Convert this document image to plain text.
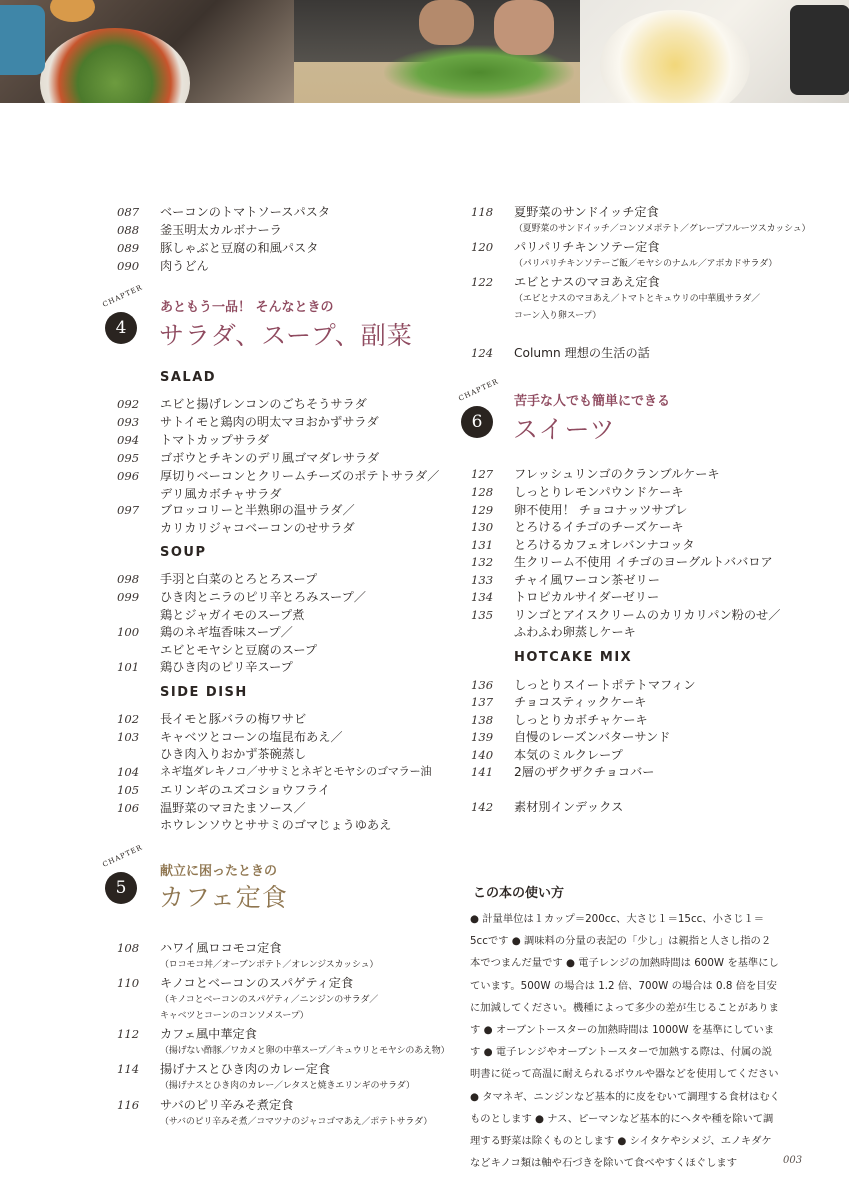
087	ベーコンのトマトソースパスタ
088	釜玉明太カルボナーラ
089	豚しゃぶと豆腐の和風パスタ
090	肉うどん
CHAPTER
4
あともう一品！ そんなときの
サラダ、スープ、副菜
SALAD
092	エビと揚げレンコンのごちそうサラダ
093	サトイモと鶏肉の明太マヨおかずサラダ
094	トマトカップサラダ
095	ゴボウとチキンのデリ風ゴマダレサラダ
096	厚切りベーコンとクリームチーズのポテトサラダ／
デリ風カボチャサラダ
097	ブロッコリーと半熟卵の温サラダ／
カリカリジャコベーコンのせサラダ
SOUP
098	手羽と白菜のとろとろスープ
099	ひき肉とニラのピリ辛とろみスープ／
鶏とジャガイモのスープ煮
100	鶏のネギ塩香味スープ／
エビとモヤシと豆腐のスープ
101	鶏ひき肉のピリ辛スープ
SIDE DISH
102	長イモと豚バラの梅ワサビ
103	キャベツとコーンの塩昆布あえ／
ひき肉入りおかず茶碗蒸し
104	ネギ塩ダレキノコ／ササミとネギとモヤシのゴマラー油
105	エリンギのユズコショウフライ
106	温野菜のマヨたまソース／
ホウレンソウとササミのゴマじょうゆあえ
CHAPTER
5
献立に困ったときの
カフェ定食
108	ハワイ風ロコモコ定食
（ロコモコ丼／オーブンポテト／オレンジスカッシュ）
110	キノコとベーコンのスパゲティ定食
（キノコとベーコンのスパゲティ／ニンジンのサラダ／
キャベツとコーンのコンソメスープ）
112	カフェ風中華定食
（揚げない酢豚／ワカメと卵の中華スープ／キュウリとモヤシのあえ物）
114	揚げナスとひき肉のカレー定食
（揚げナスとひき肉のカレー／レタスと焼きエリンギのサラダ）
116	サバのピリ辛みそ煮定食
（サバのピリ辛みそ煮／コマツナのジャコゴマあえ／ポテトサラダ）
118	夏野菜のサンドイッチ定食
（夏野菜のサンドイッチ／コンソメポテト／グレープフルーツスカッシュ）
120	パリパリチキンソテー定食
（パリパリチキンソテーご飯／モヤシのナムル／アボカドサラダ）
122	エビとナスのマヨあえ定食
（エビとナスのマヨあえ／トマトとキュウリの中華風サラダ／
コーン入り卵スープ）
124	Column 理想の生活の話
CHAPTER
6
苦手な人でも簡単にできる
スイーツ
127	フレッシュリンゴのクランブルケーキ
128	しっとりレモンパウンドケーキ
129	卵不使用！ チョコナッツサブレ
130	とろけるイチゴのチーズケーキ
131	とろけるカフェオレバンナコッタ
132	生クリーム不使用 イチゴのヨーグルトババロア
133	チャイ風ワーコン茶ゼリー
134	トロピカルサイダーゼリー
135	リンゴとアイスクリームのカリカリパン粉のせ／
ふわふわ卵蒸しケーキ
HOTCAKE MIX
136	しっとりスイートポテトマフィン
137	チョコスティックケーキ
138	しっとりカボチャケーキ
139	自慢のレーズンバターサンド
140	本気のミルクレープ
141	2層のザクザクチョコバー
142	素材別インデックス
この本の使い方
● 計量単位は１カップ＝200cc、大さじ１＝15cc、小さじ１＝5ccです ● 調味料の分量の表記の「少し」は親指と人さし指の２本でつまんだ量です ● 電子レンジの加熱時間は 600W を基準にしています。500W の場合は 1.2 倍、700W の場合は 0.8 倍を目安に加減してください。機種によって多少の差が生じることがあります ● オーブントースターの加熱時間は 1000W を基準にしています ● 電子レンジやオーブントースターで加熱する際は、付属の説明書に従って高温に耐えられるボウルや器などを使用してください ● タマネギ、ニンジンなど基本的に皮をむいて調理する食材はむくものとします ● ナス、ピーマンなど基本的にヘタや種を除いて調理する野菜は除くものとします ● シイタケやシメジ、エノキダケなどキノコ類は軸や石づきを除いて食べやすくほぐします	003
